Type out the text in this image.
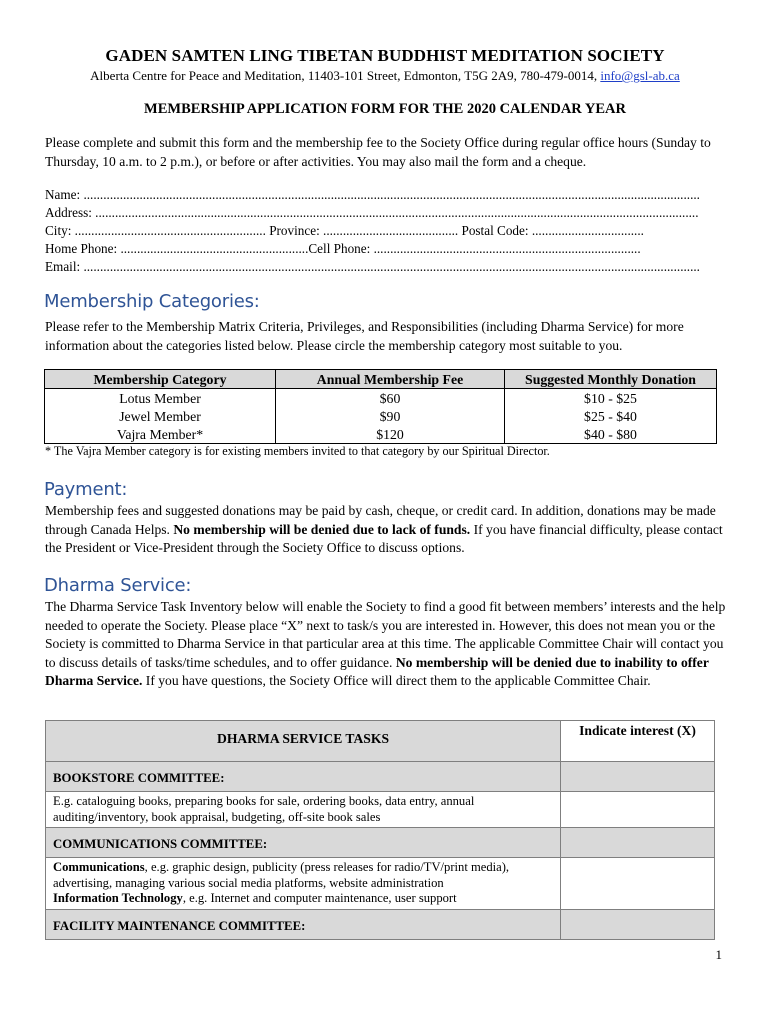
GADEN SAMTEN LING TIBETAN BUDDHIST MEDITATION SOCIETY
Alberta Centre for Peace and Meditation, 11403-101 Street, Edmonton, T5G 2A9, 780-479-0014, info@gsl-ab.ca
MEMBERSHIP APPLICATION FORM FOR THE 2020 CALENDAR YEAR
Please complete and submit this form and the membership fee to the Society Office during regular office hours (Sunday to Thursday, 10 a.m. to 2 p.m.), or before or after activities. You may also mail the form and a cheque.
Name: ...........................................................................................................................................................................................
Address: .......................................................................................................................................................................................
City: .......................................................... Province: ......................................... Postal Code: ..................................
Home Phone: .........................................................Cell Phone: .................................................................................
Email: ...........................................................................................................................................................................................
Membership Categories:
Please refer to the Membership Matrix Criteria, Privileges, and Responsibilities (including Dharma Service) for more information about the categories listed below. Please circle the membership category most suitable to you.
Membership Category	Annual Membership Fee	Suggested Monthly Donation
Lotus Member	$60	$10 - $25
Jewel Member	$90	$25 - $40
Vajra Member*	$120	$40 - $80
* The Vajra Member category is for existing members invited to that category by our Spiritual Director.
Payment:
Membership fees and suggested donations may be paid by cash, cheque, or credit card. In addition, donations may be made through Canada Helps. No membership will be denied due to lack of funds. If you have financial difficulty, please contact the President or Vice-President through the Society Office to discuss options.
Dharma Service:
The Dharma Service Task Inventory below will enable the Society to find a good fit between members’ interests and the help needed to operate the Society. Please place “X” next to task/s you are interested in. However, this does not mean you or the Society is committed to Dharma Service in that particular area at this time. The applicable Committee Chair will contact you to discuss details of tasks/time schedules, and to offer guidance. No membership will be denied due to inability to offer Dharma Service. If you have questions, the Society Office will direct them to the applicable Committee Chair.
DHARMA SERVICE TASKS	Indicate interest (X)
BOOKSTORE COMMITTEE:	
E.g. cataloguing books, preparing books for sale, ordering books, data entry, annual auditing/inventory, book appraisal, budgeting, off-site book sales	
COMMUNICATIONS COMMITTEE:	
Communications, e.g. graphic design, publicity (press releases for radio/TV/print media), advertising, managing various social media platforms, website administration
Information Technology, e.g. Internet and computer maintenance, user support	
FACILITY MAINTENANCE COMMITTEE:	
1
